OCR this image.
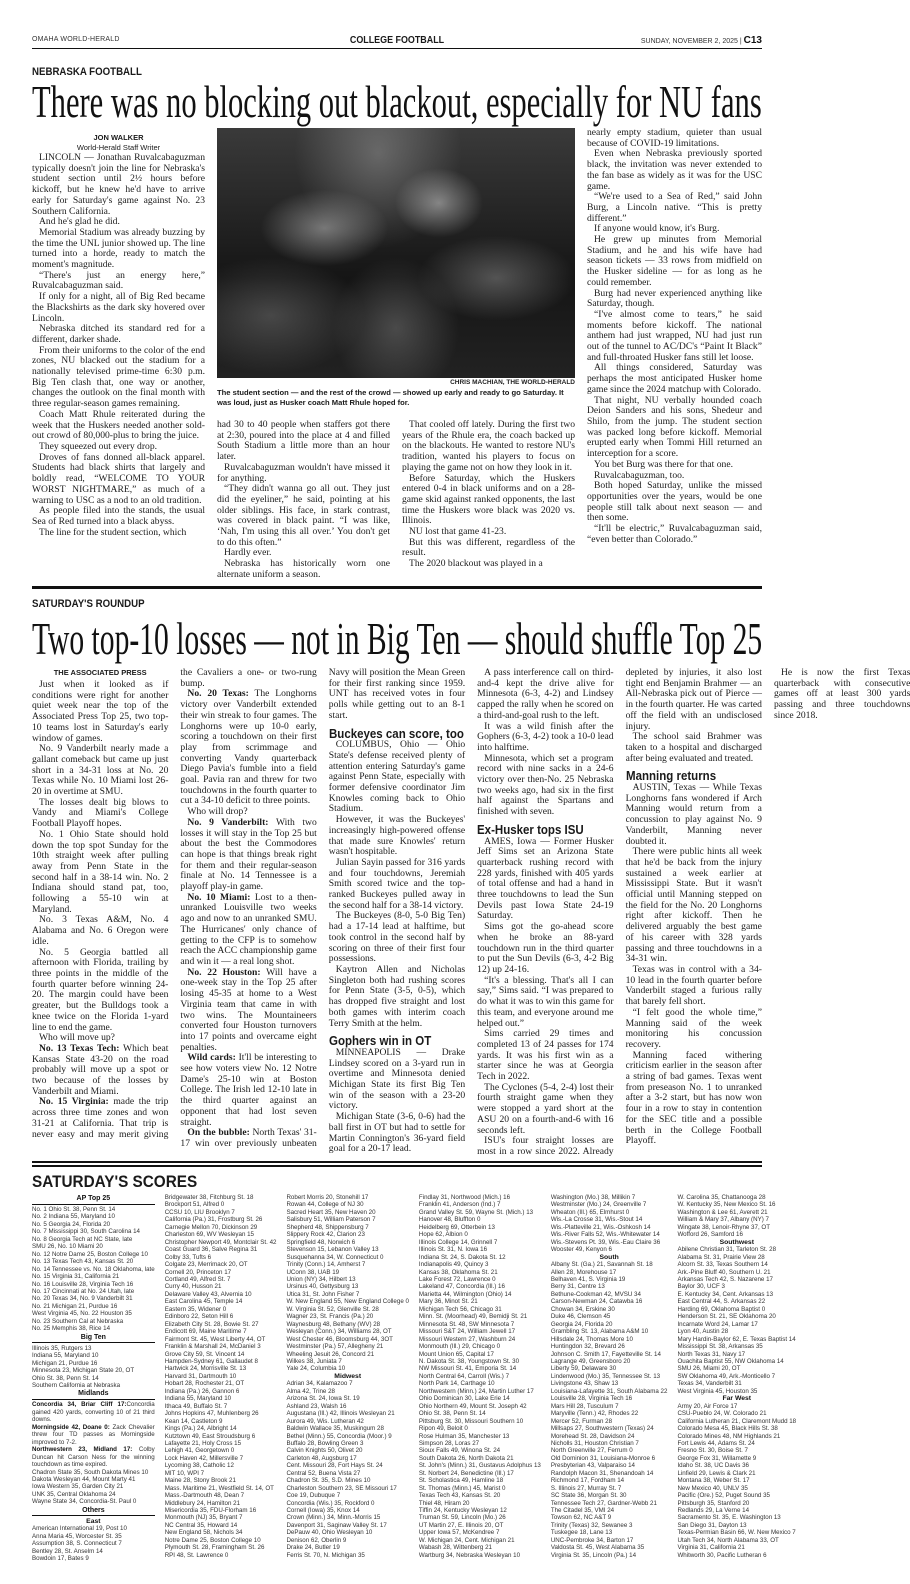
OMAHA WORLD-HERALD	COLLEGE FOOTBALL	SUNDAY, NOVEMBER 2, 2025 | C13
NEBRASKA FOOTBALL
There was no blocking out blackout, especially for NU fans
JON WALKER
World-Herald Staff Writer

LINCOLN — Jonathan Ruvalcabaguzman typically doesn't join the line for Nebraska's student section until 2½ hours before kickoff, but he knew he'd have to arrive early for Saturday's game against No. 23 Southern California.

And he's glad he did.

Memorial Stadium was already buzzing by the time the UNL junior showed up. The line turned into a horde, ready to match the moment's magnitude.

“There's just an energy here,” Ruvalcabaguzman said.

If only for a night, all of Big Red became the Blackshirts as the dark sky hovered over Lincoln.

Nebraska ditched its standard red for a different, darker shade.

From their uniforms to the color of the end zones, NU blacked out the stadium for a nationally televised prime-time 6:30 p.m. Big Ten clash that, one way or another, changes the outlook on the final month with three regular-season games remaining.

Coach Matt Rhule reiterated during the week that the Huskers needed another sold-out crowd of 80,000-plus to bring the juice.

They squeezed out every drop.

Droves of fans donned all-black apparel. Students had black shirts that largely and boldly read, “WELCOME TO YOUR WORST NIGHTMARE,” as much of a warning to USC as a nod to an old tradition.

As people filed into the stands, the usual Sea of Red turned into a black abyss.

The line for the student section, which

CHRIS MACHIAN, THE WORLD-HERALD
The student section — and the rest of the crowd — showed up early and ready to go Saturday. It was loud, just as Husker coach Matt Rhule hoped for.

had 30 to 40 people when staffers got there at 2:30, poured into the place at 4 and filled South Stadium a little more than an hour later.

Ruvalcabaguzman wouldn't have missed it for anything.

“They didn't wanna go all out. They just did the eyeliner,” he said, pointing at his older siblings. His face, in stark contrast, was covered in black paint. “I was like, ‘Nah, I'm using this all over.’ You don't get to do this often.”

Hardly ever.

Nebraska has historically worn one alternate uniform a season.

That cooled off lately. During the first two years of the Rhule era, the coach backed up on the blackouts. He wanted to restore NU's tradition, wanted his players to focus on playing the game not on how they look in it.

Before Saturday, which the Huskers entered 0-4 in black uniforms and on a 28-game skid against ranked opponents, the last time the Huskers wore black was 2020 vs. Illinois.

NU lost that game 41-23.

But this was different, regardless of the result.

The 2020 blackout was played in a

nearly empty stadium, quieter than usual because of COVID-19 limitations.

Even when Nebraska previously sported black, the invitation was never extended to the fan base as widely as it was for the USC game.

“We're used to a Sea of Red,” said John Burg, a Lincoln native. “This is pretty different.”

If anyone would know, it's Burg.

He grew up minutes from Memorial Stadium, and he and his wife have had season tickets — 33 rows from midfield on the Husker sideline — for as long as he could remember.

Burg had never experienced anything like Saturday, though.

“I've almost come to tears,” he said moments before kickoff. The national anthem had just wrapped, NU had just run out of the tunnel to AC/DC's “Paint It Black” and full-throated Husker fans still let loose.

All things considered, Saturday was perhaps the most anticipated Husker home game since the 2024 matchup with Colorado.

That night, NU verbally hounded coach Deion Sanders and his sons, Shedeur and Shilo, from the jump. The student section was packed long before kickoff. Memorial erupted early when Tommi Hill returned an interception for a score.

You bet Burg was there for that one.

Ruvalcabaguzman, too.

Both hoped Saturday, unlike the missed opportunities over the years, would be one people still talk about next season — and then some.

“It'll be electric,” Ruvalcabaguzman said, “even better than Colorado.”

SATURDAY'S ROUNDUP
Two top-10 losses — not in Big Ten — should shuffle Top 25
THE ASSOCIATED PRESS

Just when it looked as if conditions were right for another quiet week near the top of the Associated Press Top 25, two top-10 teams lost in Saturday's early window of games.

No. 9 Vanderbilt nearly made a gallant comeback but came up just short in a 34-31 loss at No. 20 Texas while No. 10 Miami lost 26-20 in overtime at SMU.

The losses dealt big blows to Vandy and Miami's College Football Playoff hopes.

No. 1 Ohio State should hold down the top spot Sunday for the 10th straight week after pulling away from Penn State in the second half in a 38-14 win. No. 2 Indiana should stand pat, too, following a 55-10 win at Maryland.

No. 3 Texas A&M, No. 4 Alabama and No. 6 Oregon were idle.

No. 5 Georgia battled all afternoon with Florida, trailing by three points in the middle of the fourth quarter before winning 24-20. The margin could have been greater, but the Bulldogs took a knee twice on the Florida 1-yard line to end the game.

Who will move up?

No. 13 Texas Tech: Which beat Kansas State 43-20 on the road probably will move up a spot or two because of the losses by Vanderbilt and Miami.

No. 15 Virginia: made the trip across three time zones and won 31-21 at California. That trip is never easy and may merit giving the Cavaliers a one- or two-rung bump.

No. 20 Texas: The Longhorns victory over Vanderbilt extended their win streak to four games. The Longhorns were up 10-0 early, scoring a touchdown on their first play from scrimmage and converting Vandy quarterback Diego Pavia's fumble into a field goal. Pavia ran and threw for two touchdowns in the fourth quarter to cut a 34-10 deficit to three points.

Who will drop?

No. 9 Vanderbilt: With two losses it will stay in the Top 25 but about the best the Commodores can hope is that things break right for them and their regular-season finale at No. 14 Tennessee is a playoff play-in game.

No. 10 Miami: Lost to a then-unranked Louisville two weeks ago and now to an unranked SMU. The Hurricanes' only chance of getting to the CFP is to somehow reach the ACC championship game and win it — a real long shot.

No. 22 Houston: Will have a one-week stay in the Top 25 after losing 45-35 at home to a West Virginia team that came in with two wins. The Mountaineers converted four Houston turnovers into 17 points and overcame eight penalties.

Wild cards: It'll be interesting to see how voters view No. 12 Notre Dame's 25-10 win at Boston College. The Irish led 12-10 late in the third quarter against an opponent that had lost seven straight.

On the bubble: North Texas' 31-17 win over previously unbeaten Navy will position the Mean Green for their first ranking since 1959. UNT has received votes in four polls while getting out to an 8-1 start.

Buckeyes can score, too

COLUMBUS, Ohio — Ohio State's defense received plenty of attention entering Saturday's game against Penn State, especially with former defensive coordinator Jim Knowles coming back to Ohio Stadium.

However, it was the Buckeyes' increasingly high-powered offense that made sure Knowles' return wasn't hospitable.

Julian Sayin passed for 316 yards and four touchdowns, Jeremiah Smith scored twice and the top-ranked Buckeyes pulled away in the second half for a 38-14 victory.

The Buckeyes (8-0, 5-0 Big Ten) had a 17-14 lead at halftime, but took control in the second half by scoring on three of their first four possessions.

Kaytron Allen and Nicholas Singleton both had rushing scores for Penn State (3-5, 0-5), which has dropped five straight and lost both games with interim coach Terry Smith at the helm.

Gophers win in OT

MINNEAPOLIS — Drake Lindsey scored on a 3-yard run in overtime and Minnesota denied Michigan State its first Big Ten win of the season with a 23-20 victory.

Michigan State (3-6, 0-6) had the ball first in OT but had to settle for Martin Connington's 36-yard field goal for a 20-17 lead.

A pass interference call on third-and-4 kept the drive alive for Minnesota (6-3, 4-2) and Lindsey capped the rally when he scored on a third-and-goal rush to the left.

It was a wild finish after the Gophers (6-3, 4-2) took a 10-0 lead into halftime.

Minnesota, which set a program record with nine sacks in a 24-6 victory over then-No. 25 Nebraska two weeks ago, had six in the first half against the Spartans and finished with seven.

Ex-Husker tops ISU

AMES, Iowa — Former Husker Jeff Sims set an Arizona State quarterback rushing record with 228 yards, finished with 405 yards of total offense and had a hand in three touchdowns to lead the Sun Devils past Iowa State 24-19 Saturday.

Sims got the go-ahead score when he broke an 88-yard touchdown run in the third quarter to put the Sun Devils (6-3, 4-2 Big 12) up 24-16.

“It's a blessing. That's all I can say,” Sims said. “I was prepared to do what it was to win this game for this team, and everyone around me helped out.”

Sims carried 29 times and completed 13 of 24 passes for 174 yards. It was his first win as a starter since he was at Georgia Tech in 2022.

The Cyclones (5-4, 2-4) lost their fourth straight game when they were stopped a yard short at the ASU 20 on a fourth-and-6 with 16 seconds left.

ISU's four straight losses are most in a row since 2022. Already depleted by injuries, it also lost tight end Benjamin Brahmer — an All-Nebraska pick out of Pierce — in the fourth quarter. He was carted off the field with an undisclosed injury.

The school said Brahmer was taken to a hospital and discharged after being evaluated and treated.

Manning returns

AUSTIN, Texas — While Texas Longhorns fans wondered if Arch Manning would return from a concussion to play against No. 9 Vanderbilt, Manning never doubted it.

There were public hints all week that he'd be back from the injury sustained a week earlier at Mississippi State. But it wasn't official until Manning stepped on the field for the No. 20 Longhorns right after kickoff. Then he delivered arguably the best game of his career with 328 yards passing and three touchdowns in a 34-31 win.

Texas was in control with a 34-10 lead in the fourth quarter before Vanderbilt staged a furious rally that barely fell short.

“I felt good the whole time,” Manning said of the week monitoring his concussion recovery.

Manning faced withering criticism earlier in the season after a string of bad games. Texas went from preseason No. 1 to unranked after a 3-2 start, but has now won four in a row to stay in contention for the SEC title and a possible berth in the College Football Playoff.

He is now the first Texas quarterback with consecutive games off at least 300 yards passing and three touchdowns since 2018.

SATURDAY'S SCORES
AP Top 25
No. 1 Ohio St. 38, Penn St. 14
No. 2 Indiana 55, Maryland 10
No. 5 Georgia 24, Florida 20
No. 7 Mississippi 30, South Carolina 14
No. 8 Georgia Tech at NC State, late
SMU 26, No. 10 Miami 20
No. 12 Notre Dame 25, Boston College 10
No. 13 Texas Tech 43, Kansas St. 20
No. 14 Tennessee vs. No. 18 Oklahoma, late
No. 15 Virginia 31, California 21
No. 16 Louisville 28, Virginia Tech 16
No. 17 Cincinnati at No. 24 Utah, late
No. 20 Texas 34, No. 9 Vanderbilt 31
No. 21 Michigan 21, Purdue 16
West Virginia 45, No. 22 Houston 35
No. 23 Southern Cal at Nebraska
No. 25 Memphis 38, Rice 14
Big Ten
Illinois 35, Rutgers 13
Indiana 55, Maryland 10
Michigan 21, Purdue 16
Minnesota 23, Michigan State 20, OT
Ohio St. 38, Penn St. 14
Southern California at Nebraska
Midlands
Concordia 34, Briar Cliff 17:Concordia gained 420 yards, converting 10 of 21 third downs.
Morningside 42, Doane 0: Zack Chevalier threw four TD passes as Morningside improved to 7-2.
Northwestern 23, Midland 17: Colby Duncan hit Carson Ness for the winning touchdown as time expired.
Chadron State 35, South Dakota Mines 10
Dakota Wesleyan 44, Mount Marty 41
Iowa Western 35, Garden City 21
UNK 35, Central Oklahoma 24
Wayne State 34, Concordia-St. Paul 0
Others
East
American International 19, Post 10
Anna Maria 45, Worcester St. 35
Assumption 38, S. Connecticut 7
Bentley 28, St. Anselm 14
Bowdoin 17, Bates 9
Bridgewater 38, Fitchburg St. 18
Brockport 51, Alfred 0
CCSU 10, LIU Brooklyn 7
California (Pa.) 31, Frostburg St. 26
Carnegie Mellon 70, Dickinson 29
Charleston 69, WV Wesleyan 15
Christopher Newport 49, Montclair St. 42
Coast Guard 36, Salve Regina 31
Colby 33, Tufts 6
Colgate 23, Merrimack 20, OT
Cornell 20, Princeton 17
Cortland 49, Alfred St. 7
Curry 40, Husson 21
Delaware Valley 43, Alvernia 10
East Carolina 45, Temple 14
Eastern 35, Widener 0
Edinboro 22, Seton Hill 6
Elizabeth City St. 28, Bowie St. 27
Endicott 69, Maine Maritime 7
Fairmont St. 45, West Liberty 44, OT
Franklin & Marshall 24, McDaniel 3
Grove City 59, St. Vincent 14
Hampden-Sydney 61, Gallaudet 8
Hartwick 24, Morrisville St. 13
Harvard 31, Dartmouth 10
Hobart 28, Rochester 21, OT
Indiana (Pa.) 26, Gannon 6
Indiana 55, Maryland 10
Ithaca 49, Buffalo St. 7
Johns Hopkins 47, Muhlenberg 26
Kean 14, Castleton 9
Kings (Pa.) 24, Albright 14
Kutztown 49, East Stroudsburg 6
Lafayette 21, Holy Cross 15
Lehigh 41, Georgetown 0
Lock Haven 42, Millersville 7
Lycoming 38, Catholic 12
MIT 10, WPI 7
Maine 28, Stony Brook 21
Mass. Maritime 21, Westfield St. 14, OT
Mass.-Dartmouth 48, Dean 7
Middlebury 24, Hamilton 21
Misericordia 35, FDU-Florham 16
Monmouth (NJ) 35, Bryant 7
NC Central 35, Howard 14
New England 58, Nichols 34
Notre Dame 25, Boston College 10
Plymouth St. 28, Framingham St. 26
RPI 48, St. Lawrence 0
Robert Morris 20, Stonehill 17
Rowan 44, College of NJ 30
Sacred Heart 35, New Haven 20
Salisbury 51, William Paterson 7
Shepherd 48, Shippensburg 7
Slippery Rock 42, Clarion 23
Springfield 48, Norwich 6
Stevenson 15, Lebanon Valley 13
Susquehanna 34, W. Connecticut 0
Trinity (Conn.) 14, Amherst 7
UConn 38, UAB 19
Union (NY) 34, Hilbert 13
Ursinus 40, Gettysburg 13
Utica 31, St. John Fisher 7
W. New England 55, New England College 0
W. Virginia St. 52, Glenville St. 28
Wagner 23, St. Francis (Pa.) 20
Waynesburg 48, Bethany (WV) 28
Wesleyan (Conn.) 34, Williams 28, OT
West Chester 46, Bloomsburg 44, 3OT
Westminster (Pa.) 57, Allegheny 21
Wheeling Jesuit 26, Concord 21
Wilkes 38, Juniata 7
Yale 24, Columbia 10
Midwest
Adrian 34, Kalamazoo 7
Alma 42, Trine 28
Arizona St. 24, Iowa St. 19
Ashland 23, Walsh 16
Augustana (Ill.) 42, Illinois Wesleyan 21
Aurora 49, Wis. Lutheran 42
Baldwin Wallace 35, Muskingum 28
Bethel (Minn.) 55, Concordia (Moor.) 9
Buffalo 28, Bowling Green 3
Calvin Knights 50, Olivet 20
Carleton 48, Augsburg 17
Cent. Missouri 28, Fort Hays St. 24
Central 52, Buena Vista 27
Chadron St. 35, S.D. Mines 10
Charleston Southern 23, SE Missouri 17
Coe 19, Dubuque 7
Concordia (Wis.) 35, Rockford 0
Cornell (Iowa) 35, Knox 14
Crown (Minn.) 34, Minn.-Morris 15
Davenport 31, Saginaw Valley St. 17
DePauw 40, Ohio Wesleyan 10
Denison 62, Oberlin 9
Drake 24, Butler 19
Ferris St. 70, N. Michigan 35
Findlay 31, Northwood (Mich.) 16
Franklin 41, Anderson (Ind.) 7
Grand Valley St. 59, Wayne St. (Mich.) 13
Hanover 48, Bluffton 0
Heidelberg 69, Otterbein 13
Hope 62, Albion 0
Illinois College 14, Grinnell 7
Illinois St. 31, N. Iowa 16
Indiana St. 24, S. Dakota St. 12
Indianapolis 49, Quincy 3
Kansas 38, Oklahoma St. 21
Lake Forest 72, Lawrence 0
Lakeland 47, Concordia (Ill.) 16
Marietta 44, Wilmington (Ohio) 14
Mary 36, Minot St. 21
Michigan Tech 56, Chicago 31
Minn. St. (Moorhead) 49, Bemidji St. 21
Minnesota St. 48, SW Minnesota 7
Missouri S&T 24, William Jewell 17
Missouri Western 27, Washburn 24
Monmouth (Ill.) 29, Chicago 0
Mount Union 65, Capital 17
N. Dakota St. 38, Youngstown St. 30
NW Missouri St. 41, Emporia St. 14
North Central 64, Carroll (Wis.) 7
North Park 14, Carthage 10
Northwestern (Minn.) 24, Martin Luther 17
Ohio Dominican 30, Lake Erie 14
Ohio Northern 49, Mount St. Joseph 42
Ohio St. 38, Penn St. 14
Pittsburg St. 30, Missouri Southern 10
Ripon 49, Beloit 0
Rose Hulman 35, Manchester 13
Simpson 28, Loras 27
Sioux Falls 49, Winona St. 24
South Dakota 26, North Dakota 21
St. John's (Minn.) 31, Gustavus Adolphus 13
St. Norbert 24, Benedictine (Ill.) 17
St. Scholastica 49, Hamline 18
St. Thomas (Minn.) 45, Marist 0
Texas Tech 43, Kansas St. 20
Thiel 48, Hiram 20
Tiffin 24, Kentucky Wesleyan 12
Truman St. 59, Lincoln (Mo.) 26
UT Martin 27, E. Illinois 20, OT
Upper Iowa 57, McKendree 7
W. Michigan 24, Cent. Michigan 21
Wabash 28, Wittenberg 21
Wartburg 34, Nebraska Wesleyan 10
Washington (Mo.) 38, Millikin 7
Westminster (Mo.) 24, Greenville 7
Wheaton (Ill.) 65, Elmhurst 0
Wis.-La Crosse 31, Wis.-Stout 14
Wis.-Platteville 21, Wis.-Oshkosh 14
Wis.-River Falls 52, Wis.-Whitewater 14
Wis.-Stevens Pt. 39, Wis.-Eau Claire 36
Wooster 49, Kenyon 6
South
Albany St. (Ga.) 21, Savannah St. 18
Allen 28, Morehouse 17
Belhaven 41, S. Virginia 19
Berry 31, Centre 13
Bethune-Cookman 42, MVSU 34
Carson-Newman 24, Catawba 16
Chowan 34, Erskine 30
Duke 46, Clemson 45
Georgia 24, Florida 20
Grambling St. 13, Alabama A&M 10
Hillsdale 24, Thomas More 10
Huntingdon 32, Brevard 26
Johnson C. Smith 17, Fayetteville St. 14
Lagrange 49, Greensboro 20
Liberty 59, Delaware 30
Lindenwood (Mo.) 35, Tennessee St. 13
Livingstone 43, Shaw 13
Louisiana-Lafayette 31, South Alabama 22
Louisville 28, Virginia Tech 16
Mars Hill 28, Tusculum 7
Maryville (Tenn.) 42, Rhodes 22
Mercer 52, Furman 28
Millsaps 27, Southwestern (Texas) 24
Morehead St. 28, Davidson 24
Nicholls 31, Houston Christian 7
North Greenville 27, Ferrum 0
Old Dominion 31, Louisiana-Monroe 6
Presbyterian 43, Valparaiso 14
Randolph Macon 31, Shenandoah 14
Richmond 17, Fordham 14
S. Illinois 27, Murray St. 7
SC State 36, Morgan St. 30
Tennessee Tech 27, Gardner-Webb 21
The Citadel 35, VMI 24
Towson 62, NC A&T 9
Trinity (Texas) 32, Sewanee 3
Tuskegee 18, Lane 13
UNC-Pembroke 34, Barton 17
Valdosta St. 45, West Alabama 35
Virginia St. 35, Lincoln (Pa.) 14
W. Carolina 35, Chattanooga 28
W. Kentucky 35, New Mexico St. 16
Washington & Lee 61, Averett 21
William & Mary 37, Albany (NY) 7
Wingate 38, Lenoir-Rhyne 37, OT
Wofford 26, Samford 16
Southwest
Abilene Christian 31, Tarleton St. 28
Alabama St. 31, Prairie View 28
Alcorn St. 33, Texas Southern 14
Ark.-Pine Bluff 40, Southern U. 21
Arkansas Tech 42, S. Nazarene 17
Baylor 30, UCF 3
E. Kentucky 34, Cent. Arkansas 13
East Central 44, S. Arkansas 22
Harding 69, Oklahoma Baptist 0
Henderson St. 21, SE Oklahoma 20
Incarnate Word 24, Lamar 17
Lyon 40, Austin 28
Mary Hardin-Baylor 62, E. Texas Baptist 14
Mississippi St. 38, Arkansas 35
North Texas 31, Navy 17
Ouachita Baptist 55, NW Oklahoma 14
SMU 26, Miami 20, OT
SW Oklahoma 49, Ark.-Monticello 7
Texas 34, Vanderbilt 31
West Virginia 45, Houston 35
Far West
Army 20, Air Force 17
CSU-Pueblo 24, W. Colorado 21
California Lutheran 21, Claremont Mudd 18
Colorado Mesa 45, Black Hills St. 38
Colorado Mines 48, NM Highlands 21
Fort Lewis 44, Adams St. 24
Fresno St. 30, Boise St. 7
George Fox 31, Willamette 9
Idaho St. 38, UC Davis 36
Linfield 29, Lewis & Clark 21
Montana 38, Weber St. 17
New Mexico 40, UNLV 35
Pacific (Ore.) 52, Puget Sound 35
Pittsburgh 35, Stanford 20
Redlands 29, La Verne 14
Sacramento St. 35, E. Washington 13
San Diego 31, Dayton 13
Texas-Permian Basin 66, W. New Mexico 7
Utah Tech 34, North Alabama 33, OT
Virginia 31, California 21
Whitworth 30, Pacific Lutheran 6
